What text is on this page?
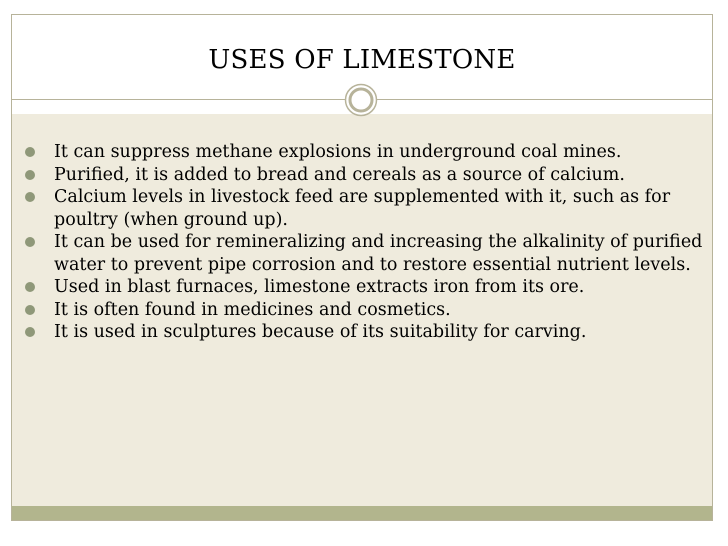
USES OF LIMESTONE
It can suppress methane explosions in underground coal mines.
Purified, it is added to bread and cereals as a source of calcium.
Calcium levels in livestock feed are supplemented with it, such as for poultry (when ground up).
It can be used for remineralizing and increasing the alkalinity of purified water to prevent pipe corrosion and to restore essential nutrient levels.
Used in blast furnaces, limestone extracts iron from its ore.
It is often found in medicines and cosmetics.
It is used in sculptures because of its suitability for carving.
